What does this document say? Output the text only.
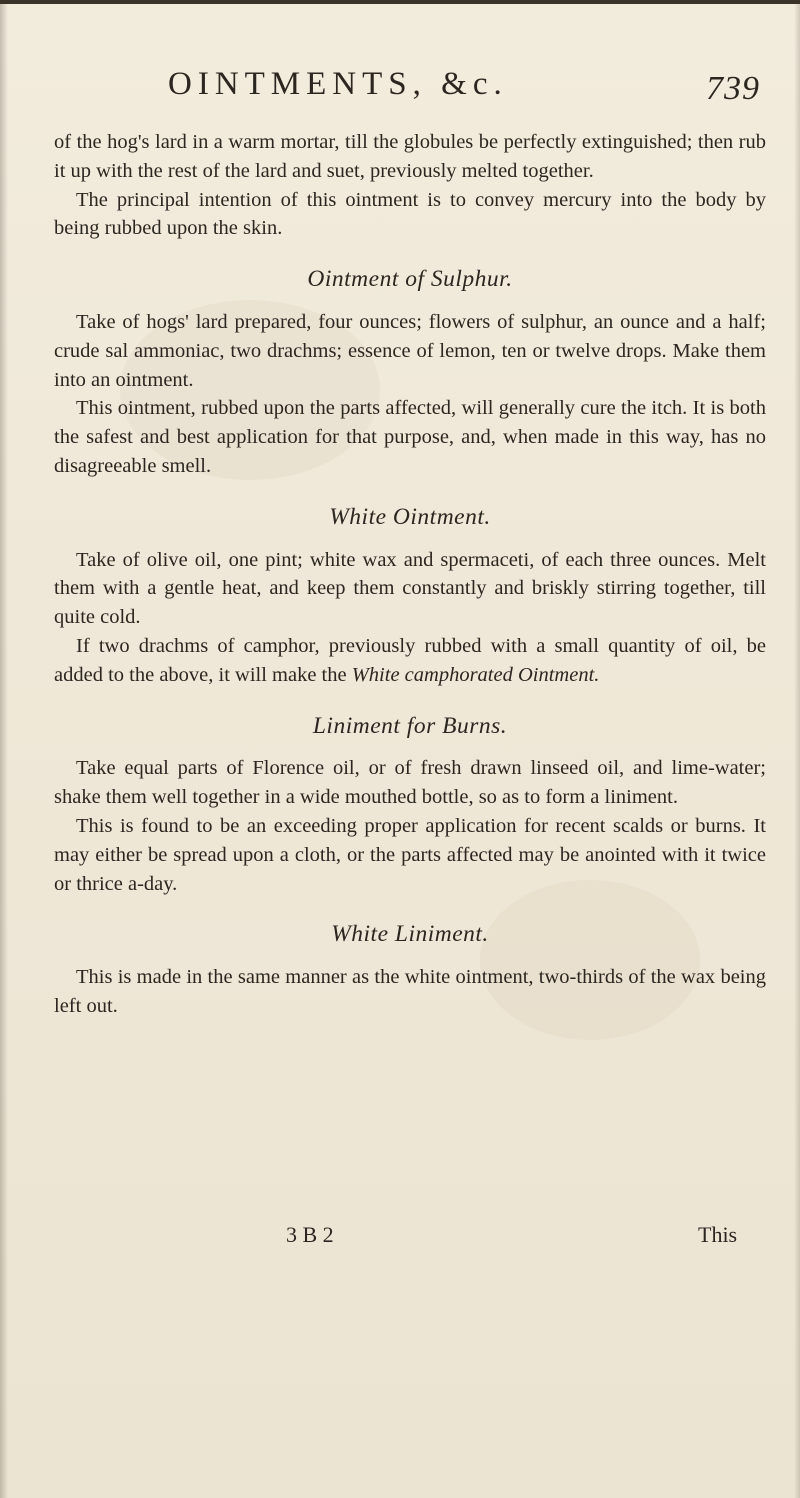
OINTMENTS, &c.	739

of the hog's lard in a warm mortar, till the globules be perfectly extinguished; then rub it up with the rest of the lard and suet, previously melted together.

The principal intention of this ointment is to convey mercury into the body by being rubbed upon the skin.

Ointment of Sulphur.

Take of hogs' lard prepared, four ounces; flowers of sulphur, an ounce and a half; crude sal ammoniac, two drachms; essence of lemon, ten or twelve drops. Make them into an ointment.

This ointment, rubbed upon the parts affected, will generally cure the itch. It is both the safest and best application for that purpose, and, when made in this way, has no disagreeable smell.

White Ointment.

Take of olive oil, one pint; white wax and spermaceti, of each three ounces. Melt them with a gentle heat, and keep them constantly and briskly stirring together, till quite cold.

If two drachms of camphor, previously rubbed with a small quantity of oil, be added to the above, it will make the White camphorated Ointment.

Liniment for Burns.

Take equal parts of Florence oil, or of fresh drawn linseed oil, and lime-water; shake them well together in a wide mouthed bottle, so as to form a liniment.

This is found to be an exceeding proper application for recent scalds or burns. It may either be spread upon a cloth, or the parts affected may be anointed with it twice or thrice a-day.

White Liniment.

This is made in the same manner as the white ointment, two-thirds of the wax being left out.

3 B 2	This
